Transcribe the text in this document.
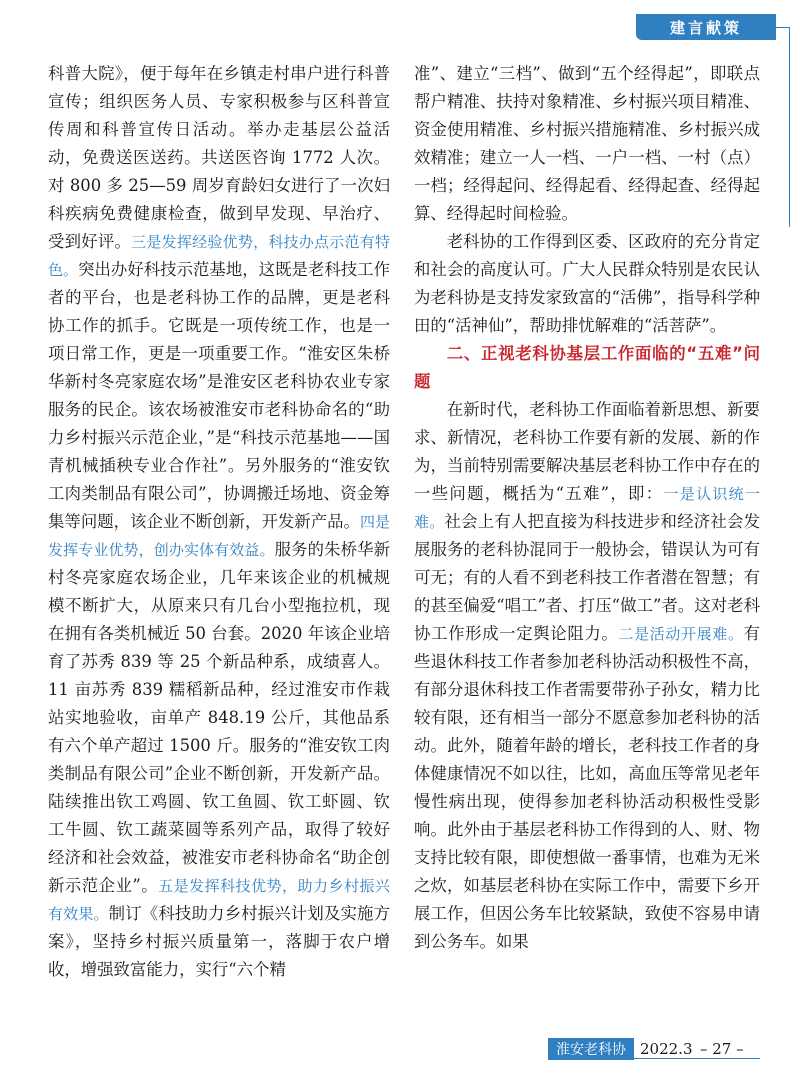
建言献策

科普大院》，便于每年在乡镇走村串户进行科普宣传；组织医务人员、专家积极参与区科普宣传周和科普宣传日活动。举办走基层公益活动，免费送医送药。共送医咨询 1772 人次。对 800 多 25—59 周岁育龄妇女进行了一次妇科疾病免费健康检查，做到早发现、早治疗、受到好评。三是发挥经验优势，科技办点示范有特色。突出办好科技示范基地，这既是老科技工作者的平台，也是老科协工作的品牌，更是老科协工作的抓手。它既是一项传统工作，也是一项日常工作，更是一项重要工作。“淮安区朱桥华新村冬亮家庭农场”是淮安区老科协农业专家服务的民企。该农场被淮安市老科协命名的“助力乡村振兴示范企业，”是“科技示范基地——国青机械插秧专业合作社”。另外服务的“淮安钦工肉类制品有限公司”，协调搬迁场地、资金筹集等问题，该企业不断创新，开发新产品。四是发挥专业优势，创办实体有效益。服务的朱桥华新村冬亮家庭农场企业，几年来该企业的机械规模不断扩大，从原来只有几台小型拖拉机，现在拥有各类机械近 50 台套。2020 年该企业培育了苏秀 839 等 25 个新品种系，成绩喜人。11 亩苏秀 839 糯稻新品种，经过淮安市作栽站实地验收，亩单产 848.19 公斤，其他品系有六个单产超过 1500 斤。服务的“淮安钦工肉类制品有限公司”企业不断创新，开发新产品。陆续推出钦工鸡圆、钦工鱼圆、钦工虾圆、钦工牛圆、钦工蔬菜圆等系列产品，取得了较好经济和社会效益，被淮安市老科协命名“助企创新示范企业”。五是发挥科技优势，助力乡村振兴有效果。制订《科技助力乡村振兴计划及实施方案》，坚持乡村振兴质量第一，落脚于农户增收，增强致富能力，实行“六个精

准”、建立“三档”、做到“五个经得起”，即联点帮户精准、扶持对象精准、乡村振兴项目精准、资金使用精准、乡村振兴措施精准、乡村振兴成效精准；建立一人一档、一户一档、一村（点）一档；经得起问、经得起看、经得起查、经得起算、经得起时间检验。

老科协的工作得到区委、区政府的充分肯定和社会的高度认可。广大人民群众特别是农民认为老科协是支持发家致富的“活佛”，指导科学种田的“活神仙”，帮助排忧解难的“活菩萨”。

二、正视老科协基层工作面临的“五难”问题

在新时代，老科协工作面临着新思想、新要求、新情况，老科协工作要有新的发展、新的作为，当前特别需要解决基层老科协工作中存在的一些问题，概括为“五难”，即：一是认识统一难。社会上有人把直接为科技进步和经济社会发展服务的老科协混同于一般协会，错误认为可有可无；有的人看不到老科技工作者潜在智慧；有的甚至偏爱“唱工”者、打压“做工”者。这对老科协工作形成一定舆论阻力。二是活动开展难。有些退休科技工作者参加老科协活动积极性不高，有部分退休科技工作者需要带孙子孙女，精力比较有限，还有相当一部分不愿意参加老科协的活动。此外，随着年龄的增长，老科技工作者的身体健康情况不如以往，比如，高血压等常见老年慢性病出现，使得参加老科协活动积极性受影响。此外由于基层老科协工作得到的人、财、物支持比较有限，即使想做一番事情，也难为无米之炊，如基层老科协在实际工作中，需要下乡开展工作，但因公务车比较紧缺，致使不容易申请到公务车。如果

淮安老科协 2022.3 – 27 –
